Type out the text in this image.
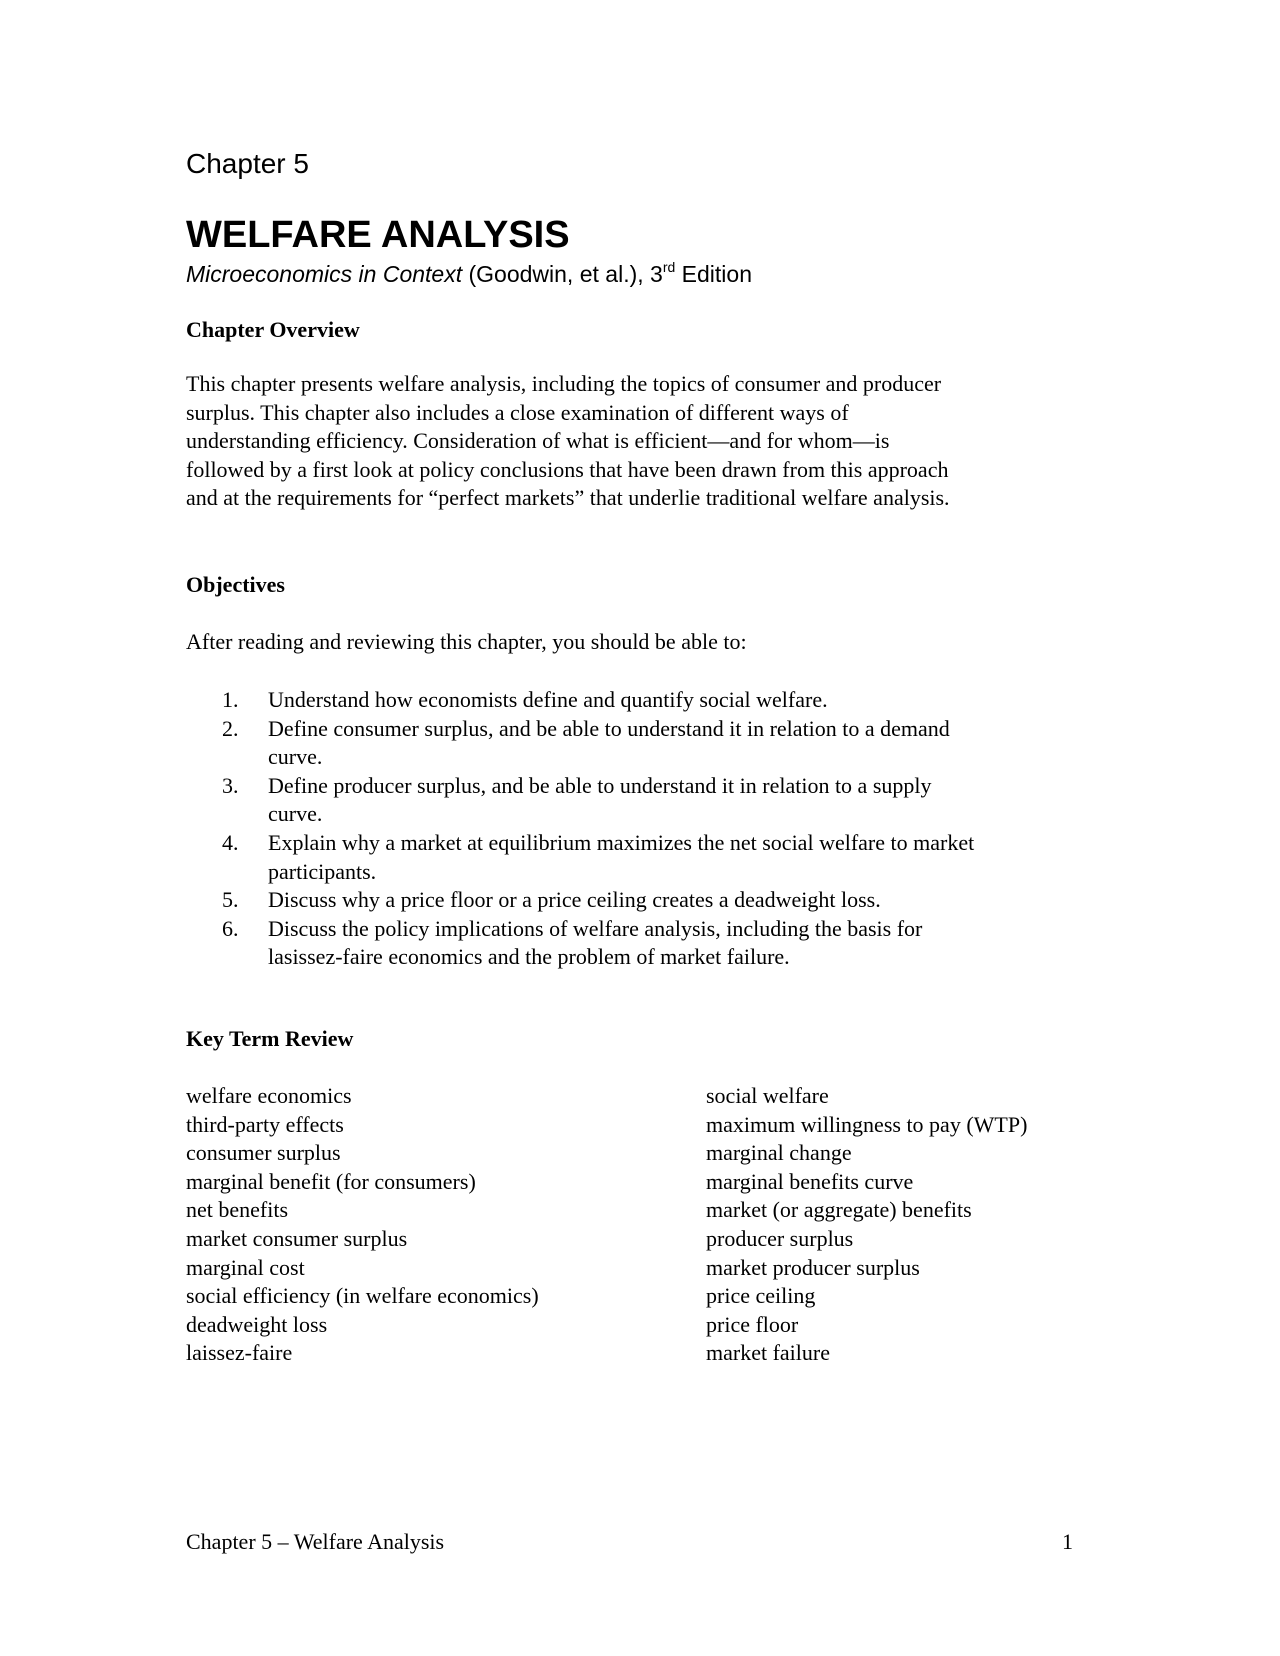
Chapter 5
WELFARE ANALYSIS
Microeconomics in Context (Goodwin, et al.), 3rd Edition
Chapter Overview
This chapter presents welfare analysis, including the topics of consumer and producer
surplus. This chapter also includes a close examination of different ways of
understanding efficiency. Consideration of what is efficient—and for whom—is
followed by a first look at policy conclusions that have been drawn from this approach
and at the requirements for “perfect markets” that underlie traditional welfare analysis.
Objectives
After reading and reviewing this chapter, you should be able to:
1. Understand how economists define and quantify social welfare.
2. Define consumer surplus, and be able to understand it in relation to a demand
curve.
3. Define producer surplus, and be able to understand it in relation to a supply
curve.
4. Explain why a market at equilibrium maximizes the net social welfare to market
participants.
5. Discuss why a price floor or a price ceiling creates a deadweight loss.
6. Discuss the policy implications of welfare analysis, including the basis for
lasissez-faire economics and the problem of market failure.
Key Term Review
welfare economics
third-party effects
consumer surplus
marginal benefit (for consumers)
net benefits
market consumer surplus
marginal cost
social efficiency (in welfare economics)
deadweight loss
laissez-faire
social welfare
maximum willingness to pay (WTP)
marginal change
marginal benefits curve
market (or aggregate) benefits
producer surplus
market producer surplus
price ceiling
price floor
market failure
Chapter 5 – Welfare Analysis	1
